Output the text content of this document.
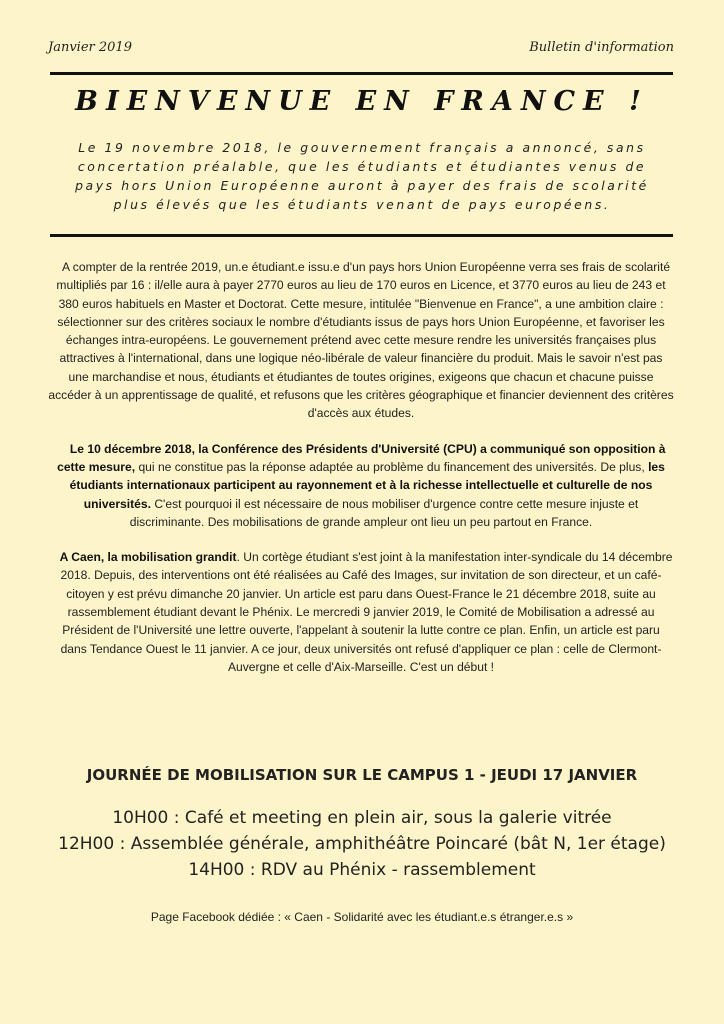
Janvier 2019	Bulletin d'information
BIENVENUE EN FRANCE !
Le 19 novembre 2018, le gouvernement français a annoncé, sans concertation préalable, que les étudiants et étudiantes venus de pays hors Union Européenne auront à payer des frais de scolarité plus élevés que les étudiants venant de pays européens.

A compter de la rentrée 2019, un.e étudiant.e issu.e d'un pays hors Union Européenne verra ses frais de scolarité multipliés par 16 : il/elle aura à payer 2770 euros au lieu de 170 euros en Licence, et 3770 euros au lieu de 243 et 380 euros habituels en Master et Doctorat. Cette mesure, intitulée "Bienvenue en France", a une ambition claire : sélectionner sur des critères sociaux le nombre d'étudiants issus de pays hors Union Européenne, et favoriser les échanges intra-européens. Le gouvernement prétend avec cette mesure rendre les universités françaises plus attractives à l'international, dans une logique néo-libérale de valeur financière du produit. Mais le savoir n'est pas une marchandise et nous, étudiants et étudiantes de toutes origines, exigeons que chacun et chacune puisse accéder à un apprentissage de qualité, et refusons que les critères géographique et financier deviennent des critères d'accès aux études.

Le 10 décembre 2018, la Conférence des Présidents d'Université (CPU) a communiqué son opposition à cette mesure, qui ne constitue pas la réponse adaptée au problème du financement des universités. De plus, les étudiants internationaux participent au rayonnement et à la richesse intellectuelle et culturelle de nos universités. C'est pourquoi il est nécessaire de nous mobiliser d'urgence contre cette mesure injuste et discriminante. Des mobilisations de grande ampleur ont lieu un peu partout en France.

A Caen, la mobilisation grandit. Un cortège étudiant s'est joint à la manifestation inter-syndicale du 14 décembre 2018. Depuis, des interventions ont été réalisées au Café des Images, sur invitation de son directeur, et un café-citoyen y est prévu dimanche 20 janvier. Un article est paru dans Ouest-France le 21 décembre 2018, suite au rassemblement étudiant devant le Phénix. Le mercredi 9 janvier 2019, le Comité de Mobilisation a adressé au Président de l'Université une lettre ouverte, l'appelant à soutenir la lutte contre ce plan. Enfin, un article est paru dans Tendance Ouest le 11 janvier. A ce jour, deux universités ont refusé d'appliquer ce plan : celle de Clermont-Auvergne et celle d'Aix-Marseille. C'est un début !

JOURNÉE DE MOBILISATION SUR LE CAMPUS 1 - JEUDI 17 JANVIER
10H00 : Café et meeting en plein air, sous la galerie vitrée
12H00 : Assemblée générale, amphithéâtre Poincaré (bât N, 1er étage)
14H00 : RDV au Phénix - rassemblement
Page Facebook dédiée : « Caen - Solidarité avec les étudiant.e.s étranger.e.s »
